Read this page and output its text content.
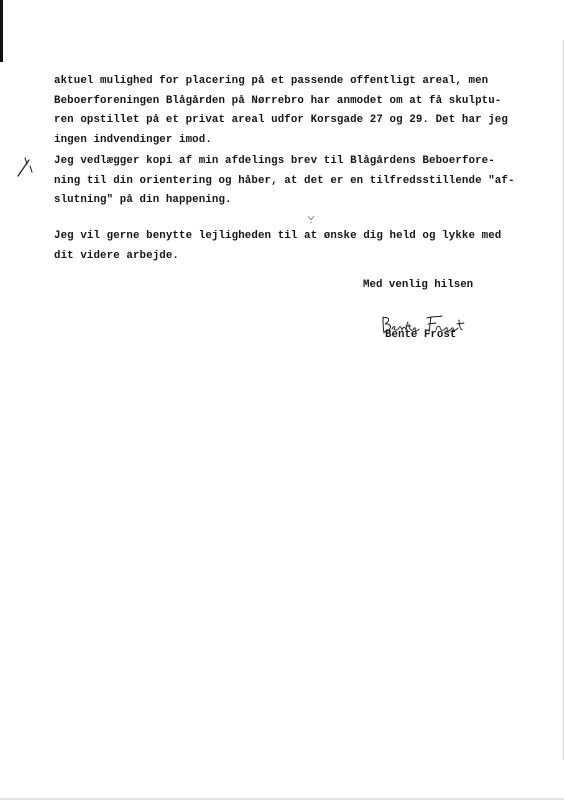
aktuel mulighed for placering på et passende offentligt areal, men
Beboerforeningen Blågården på Nørrebro har anmodet om at få skulptu-
ren opstillet på et privat areal udfor Korsgade 27 og 29. Det har jeg
ingen indvendinger imod.
Jeg vedlægger kopi af min afdelings brev til Blågårdens Beboerfore-
ning til din orientering og håber, at det er en tilfredsstillende "af-
slutning" på din happening.
Jeg vil gerne benytte lejligheden til at ønske dig held og lykke med
dit videre arbejde.

Med venlig hilsen

Bente Frost
